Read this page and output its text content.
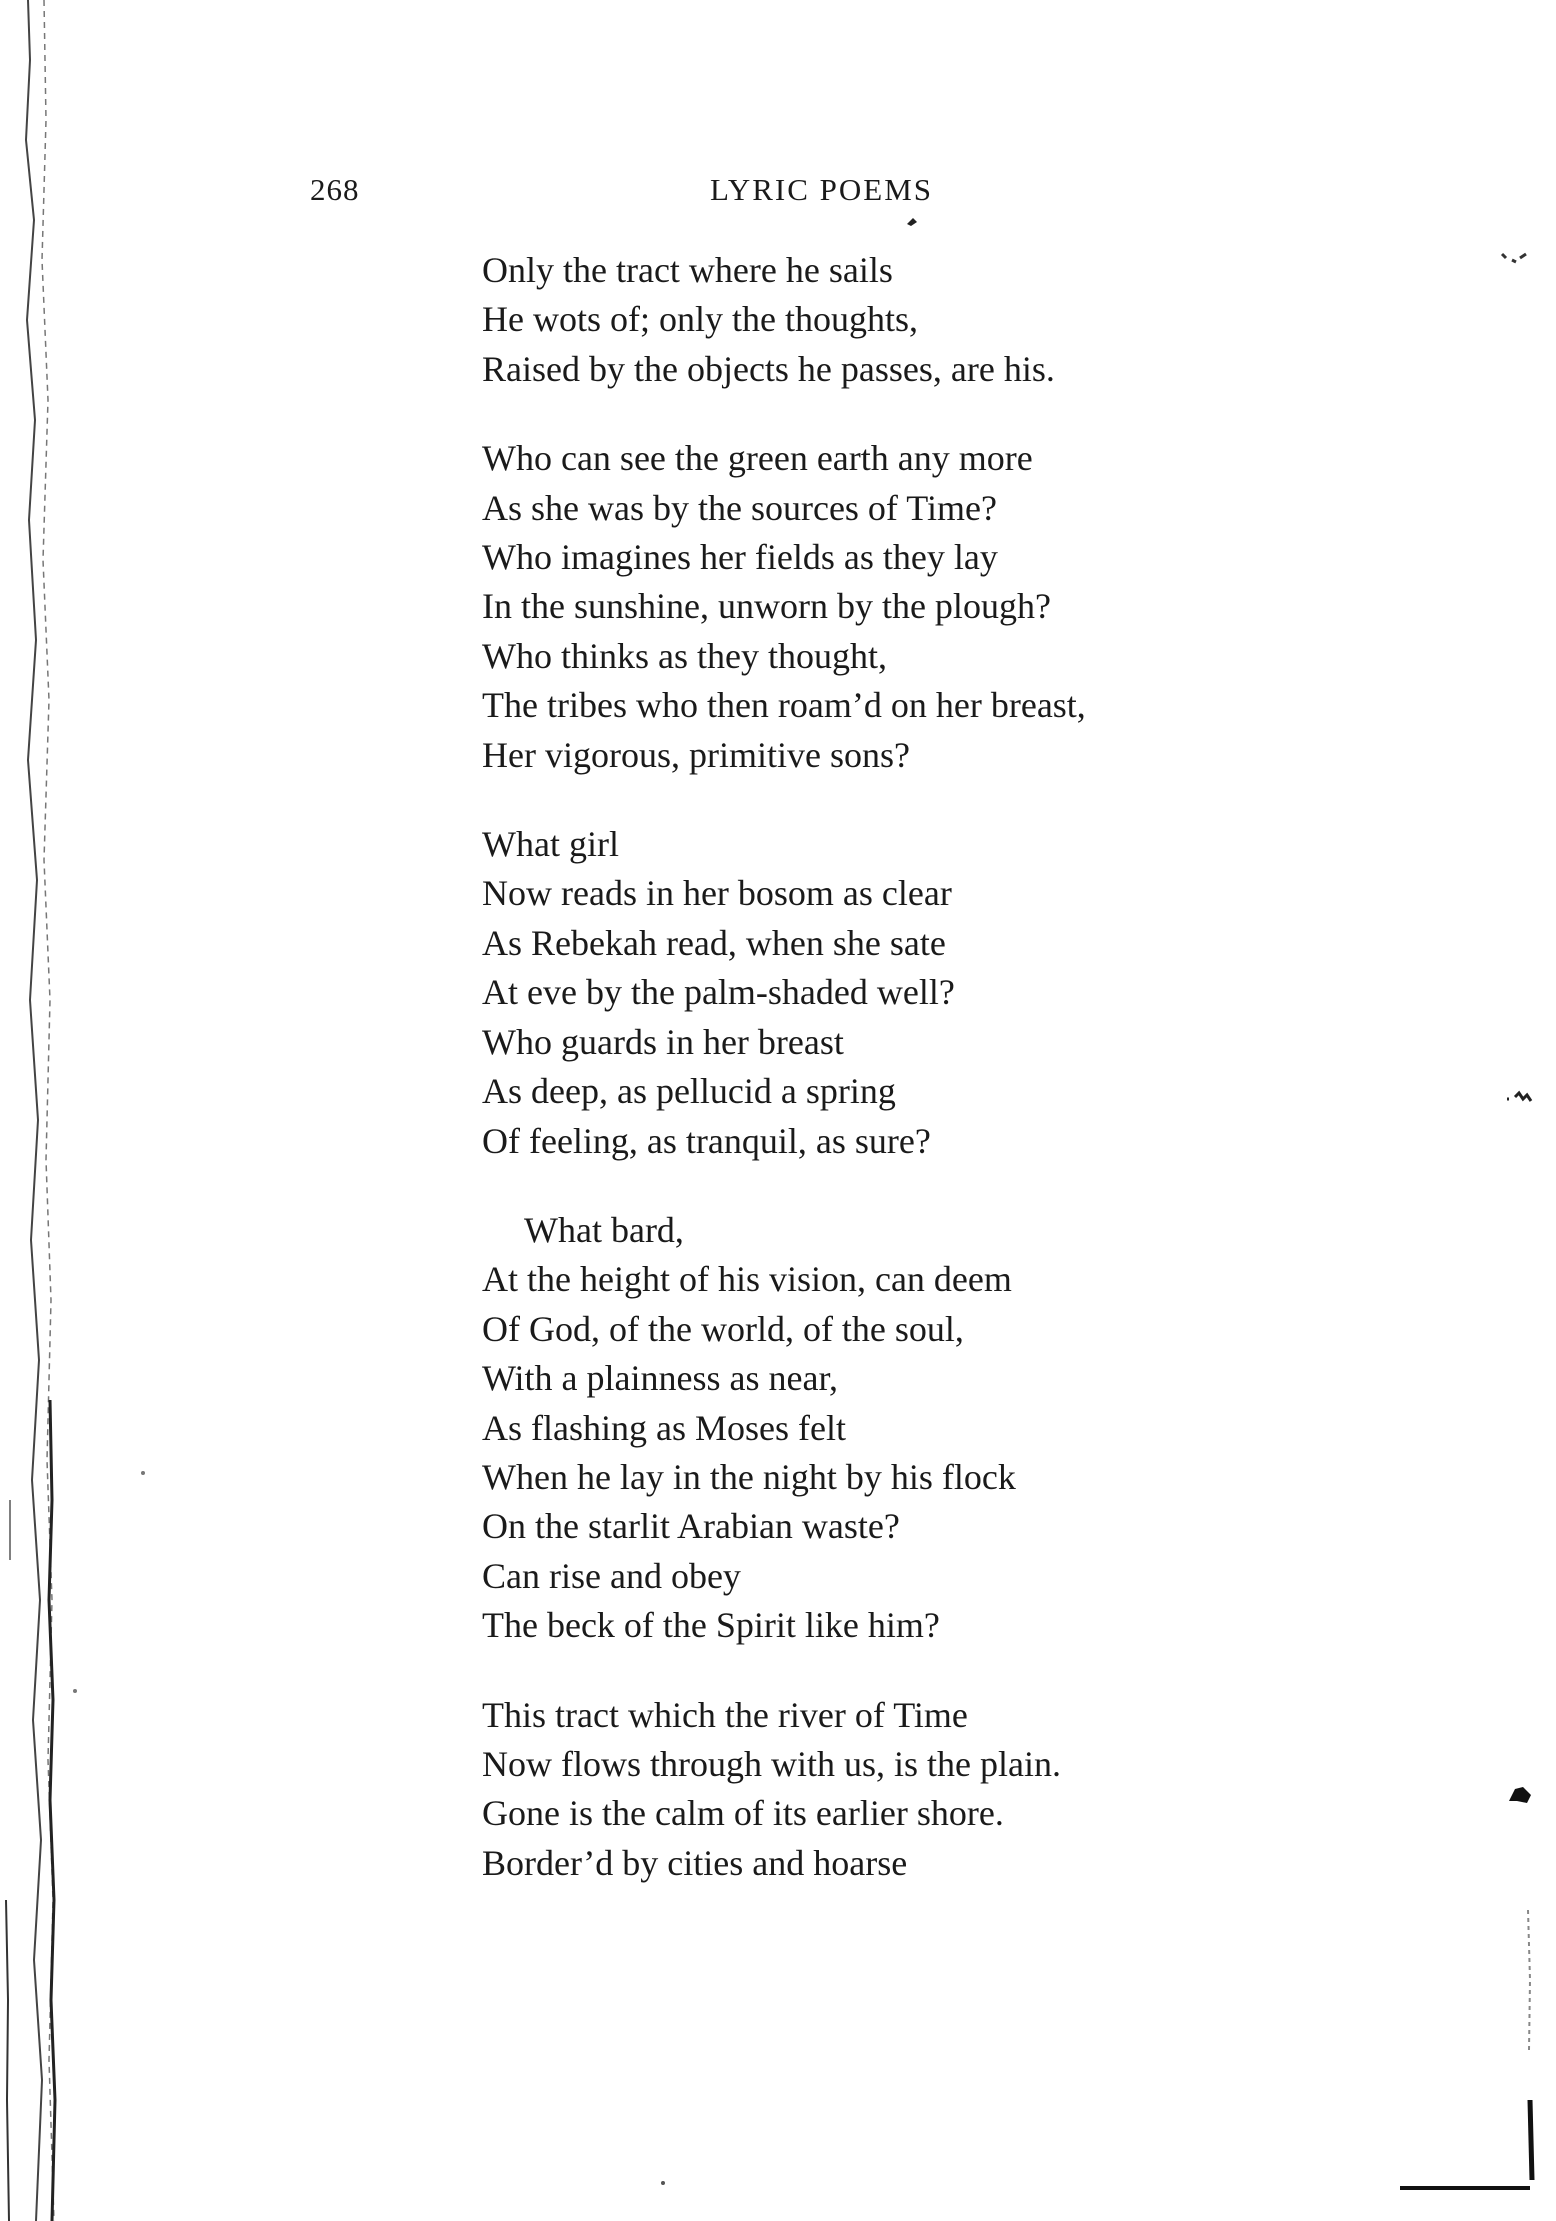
268	LYRIC POEMS
Only the tract where he sails
He wots of; only the thoughts,
Raised by the objects he passes, are his.
Who can see the green earth any more
As she was by the sources of Time?
Who imagines her fields as they lay
In the sunshine, unworn by the plough?
Who thinks as they thought,
The tribes who then roam’d on her breast,
Her vigorous, primitive sons?
What girl
Now reads in her bosom as clear
As Rebekah read, when she sate
At eve by the palm-shaded well?
Who guards in her breast
As deep, as pellucid a spring
Of feeling, as tranquil, as sure?
What bard,
At the height of his vision, can deem
Of God, of the world, of the soul,
With a plainness as near,
As flashing as Moses felt
When he lay in the night by his flock
On the starlit Arabian waste?
Can rise and obey
The beck of the Spirit like him?
This tract which the river of Time
Now flows through with us, is the plain.
Gone is the calm of its earlier shore.
Border’d by cities and hoarse
